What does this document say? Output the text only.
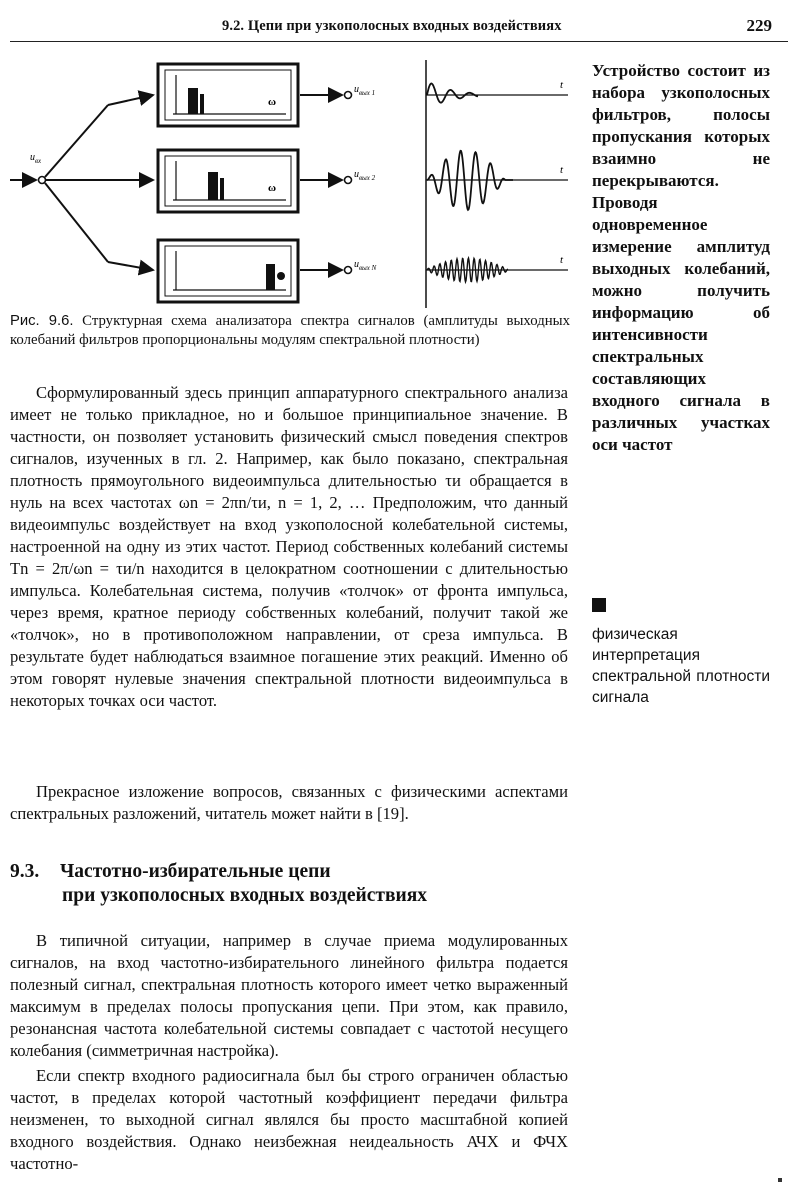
9.2. Цепи при узкополосных входных воздействиях	229
$u_{вх}$
ω
ω
$u_{вых 1}$
$u_{вых 2}$
$u_{вых N}$
t
t
t
Рис. 9.6. Структурная схема анализатора спектра сигналов (амплитуды выходных колебаний фильтров пропорциональны модулям спектральной плотности)

Сформулированный здесь принцип аппаратурного спектрального анализа имеет не только прикладное, но и большое принципиальное значение. В частности, он позволяет установить физический смысл поведения спектров сигналов, изученных в гл. 2. Например, как было показано, спектральная плотность прямоугольного видеоимпульса длительностью τи обращается в нуль на всех частотах ωn = 2πn/τи, n = 1, 2, … Предположим, что данный видеоимпульс воздействует на вход узкополосной колебательной системы, настроенной на одну из этих частот. Период собственных колебаний системы Tn = 2π/ωn = τи/n находится в целократном соотношении с длительностью импульса. Колебательная система, получив «толчок» от фронта импульса, через время, кратное периоду собственных колебаний, получит такой же «толчок», но в противоположном направлении, от среза импульса. В результате будет наблюдаться взаимное погашение этих реакций. Именно об этом говорят нулевые значения спектральной плотности видеоимпульса в некоторых точках оси частот.

Прекрасное изложение вопросов, связанных с физическими аспектами спектральных разложений, читатель может найти в [19].

9.3. Частотно-избирательные цепи
при узкополосных входных воздействиях

В типичной ситуации, например в случае приема модулированных сигналов, на вход частотно-избирательного линейного фильтра подается полезный сигнал, спектральная плотность которого имеет четко выраженный максимум в пределах полосы пропускания цепи. При этом, как правило, резонансная частота колебательной системы совпадает с частотой несущего колебания (симметричная настройка).

Если спектр входного радиосигнала был бы строго ограничен областью частот, в пределах которой частотный коэффициент передачи фильтра неизменен, то выходной сигнал являлся бы просто масштабной копией входного воздействия. Однако неизбежная неидеальность АЧХ и ФЧХ частотно-

Устройство состоит из набора узкополосных фильтров, полосы пропускания которых взаимно не перекрываются. Проводя одновременное измерение амплитуд выходных колебаний, можно получить информацию об интенсивности спектральных составляющих входного сигнала в различных участках оси частот
физическая интерпретация спектральной плотности сигнала
